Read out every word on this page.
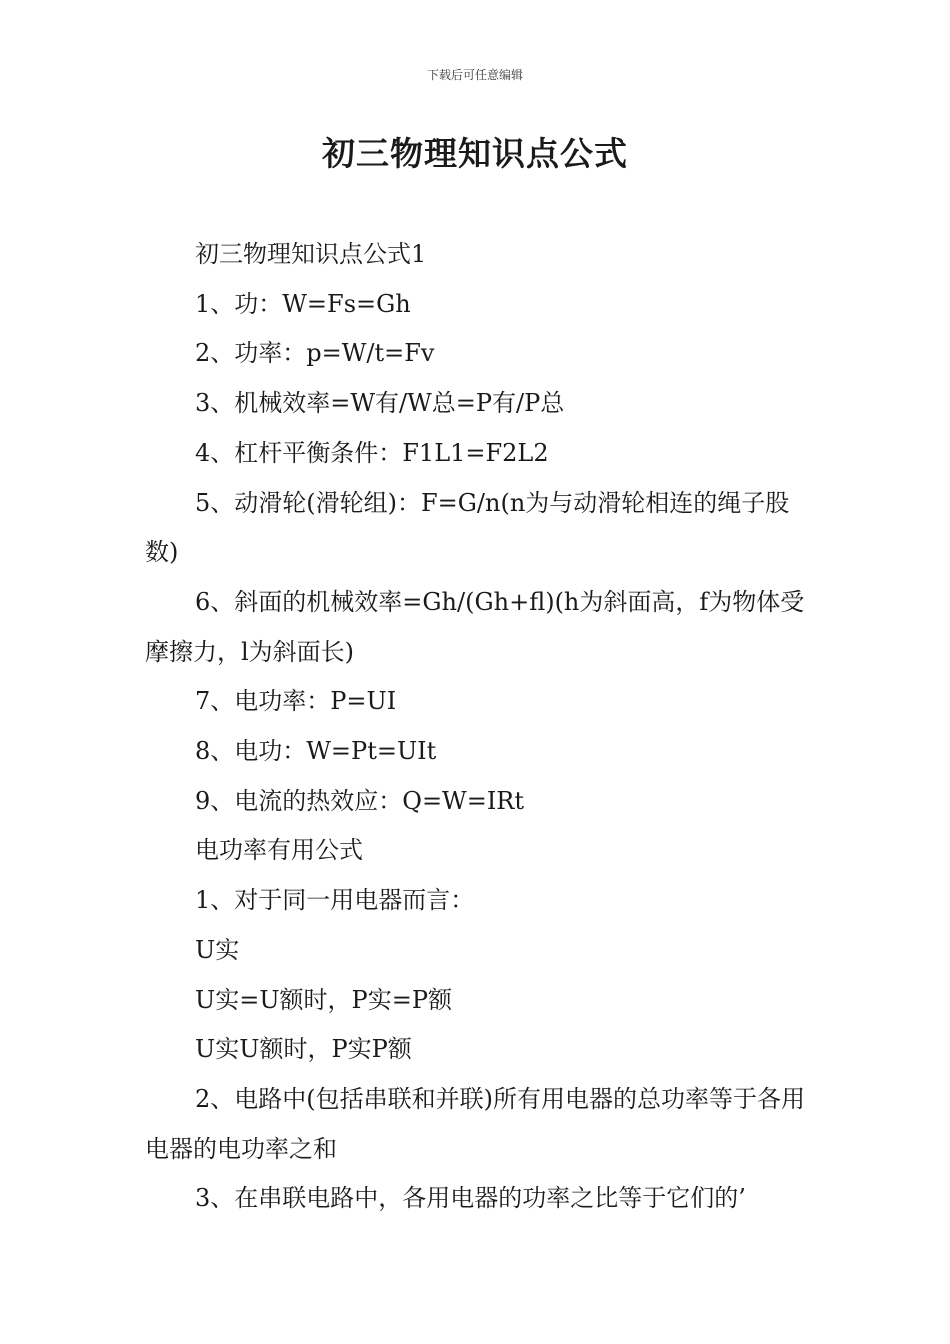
下载后可任意编辑
初三物理知识点公式

初三物理知识点公式1

1、功：W=Fs=Gh

2、功率：p=W/t=Fv

3、机械效率=W有/W总=P有/P总

4、杠杆平衡条件：F1L1=F2L2

5、动滑轮(滑轮组)：F=G/n(n为与动滑轮相连的绳子股数)

6、斜面的机械效率=Gh/(Gh+fl)(h为斜面高，f为物体受摩擦力，l为斜面长)

7、电功率：P=UI

8、电功：W=Pt=UIt

9、电流的热效应：Q=W=IRt

电功率有用公式

1、对于同一用电器而言：

U实

U实=U额时，P实=P额

U实U额时，P实P额

2、电路中(包括串联和并联)所有用电器的总功率等于各用电器的电功率之和

3、在串联电路中，各用电器的功率之比等于它们的’
